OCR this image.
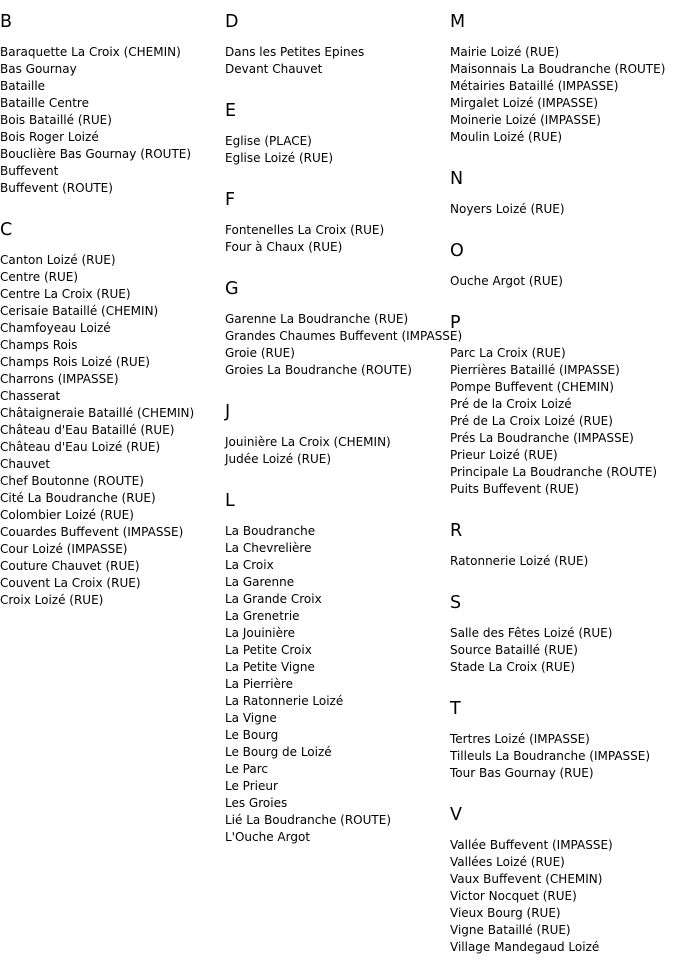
B
Baraquette La Croix (CHEMIN)
Bas Gournay
Bataille
Bataille Centre
Bois Bataillé (RUE)
Bois Roger Loizé
Bouclière Bas Gournay (ROUTE)
Buffevent
Buffevent (ROUTE)
C
Canton Loizé (RUE)
Centre (RUE)
Centre La Croix (RUE)
Cerisaie Bataillé (CHEMIN)
Chamfoyeau Loizé
Champs Rois
Champs Rois Loizé (RUE)
Charrons (IMPASSE)
Chasserat
Châtaigneraie Bataillé (CHEMIN)
Château d'Eau Bataillé (RUE)
Château d'Eau Loizé (RUE)
Chauvet
Chef Boutonne (ROUTE)
Cité La Boudranche (RUE)
Colombier Loizé (RUE)
Couardes Buffevent (IMPASSE)
Cour Loizé (IMPASSE)
Couture Chauvet (RUE)
Couvent La Croix (RUE)
Croix Loizé (RUE)
D
Dans les Petites Epines
Devant Chauvet
E
Eglise (PLACE)
Eglise Loizé (RUE)
F
Fontenelles La Croix (RUE)
Four à Chaux (RUE)
G
Garenne La Boudranche (RUE)
Grandes Chaumes Buffevent (IMPASSE)
Groie (RUE)
Groies La Boudranche (ROUTE)
J
Jouinière La Croix (CHEMIN)
Judée Loizé (RUE)
L
La Boudranche
La Chevrelière
La Croix
La Garenne
La Grande Croix
La Grenetrie
La Jouinière
La Petite Croix
La Petite Vigne
La Pierrière
La Ratonnerie Loizé
La Vigne
Le Bourg
Le Bourg de Loizé
Le Parc
Le Prieur
Les Groies
Lié La Boudranche (ROUTE)
L'Ouche Argot
M
Mairie Loizé (RUE)
Maisonnais La Boudranche (ROUTE)
Métairies Bataillé (IMPASSE)
Mirgalet Loizé (IMPASSE)
Moinerie Loizé (IMPASSE)
Moulin Loizé (RUE)
N
Noyers Loizé (RUE)
O
Ouche Argot (RUE)
P
Parc La Croix (RUE)
Pierrières Bataillé (IMPASSE)
Pompe Buffevent (CHEMIN)
Pré de la Croix Loizé
Pré de La Croix Loizé (RUE)
Prés La Boudranche (IMPASSE)
Prieur Loizé (RUE)
Principale La Boudranche (ROUTE)
Puits Buffevent (RUE)
R
Ratonnerie Loizé (RUE)
S
Salle des Fêtes Loizé (RUE)
Source Bataillé (RUE)
Stade La Croix (RUE)
T
Tertres Loizé (IMPASSE)
Tilleuls La Boudranche (IMPASSE)
Tour Bas Gournay (RUE)
V
Vallée Buffevent (IMPASSE)
Vallées Loizé (RUE)
Vaux Buffevent (CHEMIN)
Victor Nocquet (RUE)
Vieux Bourg (RUE)
Vigne Bataillé (RUE)
Village Mandegaud Loizé
